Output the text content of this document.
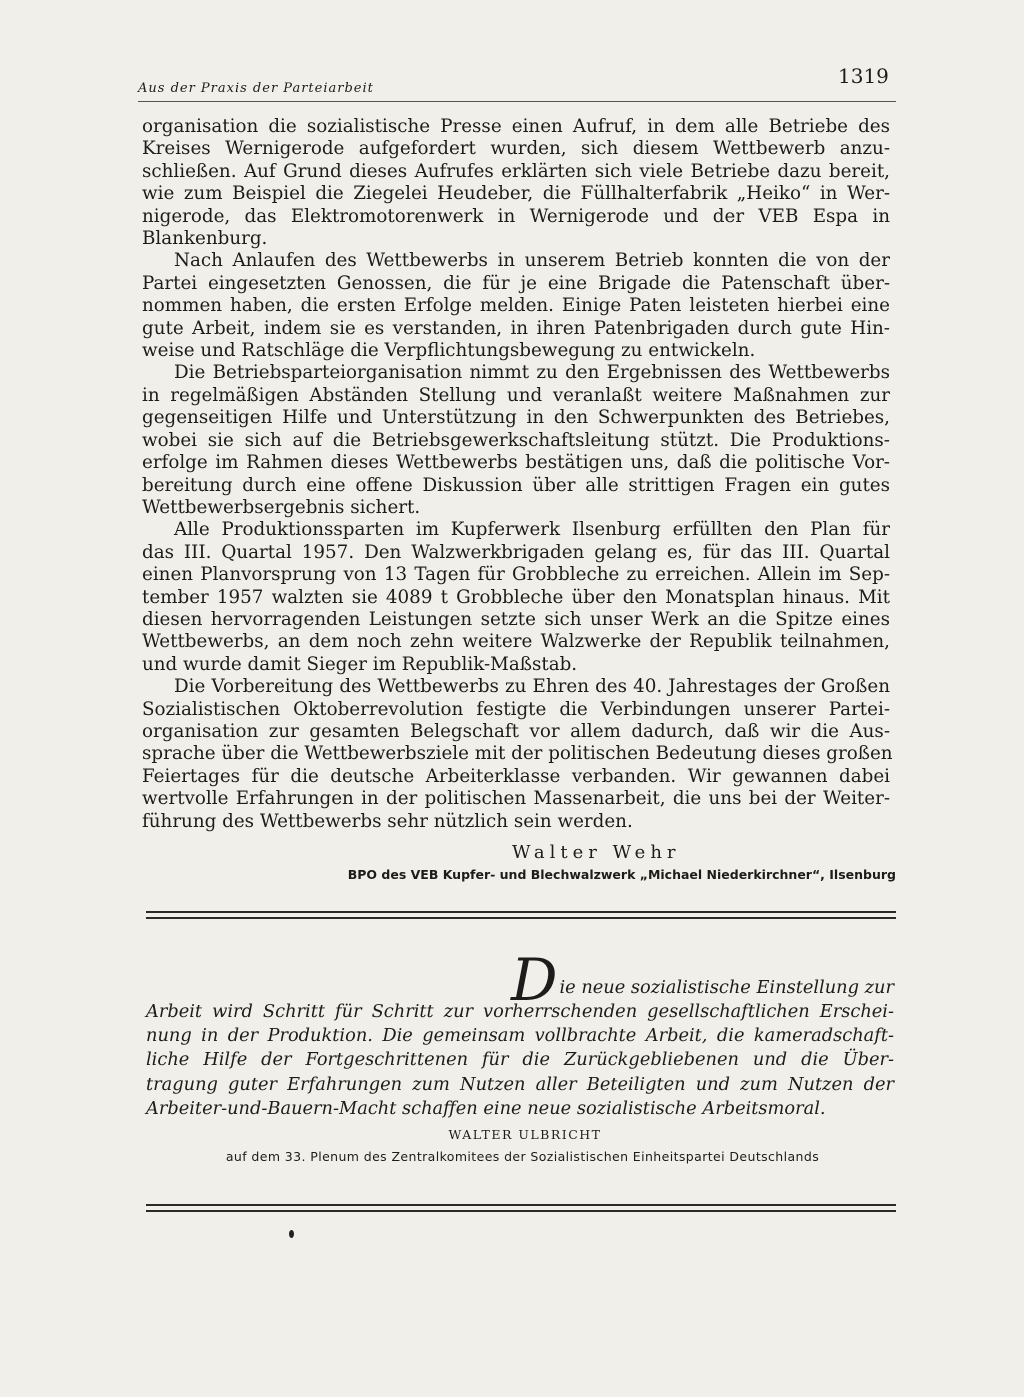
Aus der Praxis der Parteiarbeit
1319
organisation die sozialistische Presse einen Aufruf, in dem alle Betriebe des
Kreises Wernigerode aufgefordert wurden, sich diesem Wettbewerb anzu-
schließen. Auf Grund dieses Aufrufes erklärten sich viele Betriebe dazu bereit,
wie zum Beispiel die Ziegelei Heudeber, die Füllhalterfabrik „Heiko“ in Wer-
nigerode, das Elektromotorenwerk in Wernigerode und der VEB Espa in
Blankenburg.
Nach Anlaufen des Wettbewerbs in unserem Betrieb konnten die von der
Partei eingesetzten Genossen, die für je eine Brigade die Patenschaft über-
nommen haben, die ersten Erfolge melden. Einige Paten leisteten hierbei eine
gute Arbeit, indem sie es verstanden, in ihren Patenbrigaden durch gute Hin-
weise und Ratschläge die Verpflichtungsbewegung zu entwickeln.
Die Betriebsparteiorganisation nimmt zu den Ergebnissen des Wettbewerbs
in regelmäßigen Abständen Stellung und veranlaßt weitere Maßnahmen zur
gegenseitigen Hilfe und Unterstützung in den Schwerpunkten des Betriebes,
wobei sie sich auf die Betriebsgewerkschaftsleitung stützt. Die Produktions-
erfolge im Rahmen dieses Wettbewerbs bestätigen uns, daß die politische Vor-
bereitung durch eine offene Diskussion über alle strittigen Fragen ein gutes
Wettbewerbsergebnis sichert.
Alle Produktionssparten im Kupferwerk Ilsenburg erfüllten den Plan für
das III. Quartal 1957. Den Walzwerkbrigaden gelang es, für das III. Quartal
einen Planvorsprung von 13 Tagen für Grobbleche zu erreichen. Allein im Sep-
tember 1957 walzten sie 4089 t Grobbleche über den Monatsplan hinaus. Mit
diesen hervorragenden Leistungen setzte sich unser Werk an die Spitze eines
Wettbewerbs, an dem noch zehn weitere Walzwerke der Republik teilnahmen,
und wurde damit Sieger im Republik-Maßstab.
Die Vorbereitung des Wettbewerbs zu Ehren des 40. Jahrestages der Großen
Sozialistischen Oktoberrevolution festigte die Verbindungen unserer Partei-
organisation zur gesamten Belegschaft vor allem dadurch, daß wir die Aus-
sprache über die Wettbewerbsziele mit der politischen Bedeutung dieses großen
Feiertages für die deutsche Arbeiterklasse verbanden. Wir gewannen dabei
wertvolle Erfahrungen in der politischen Massenarbeit, die uns bei der Weiter-
führung des Wettbewerbs sehr nützlich sein werden.
Walter Wehr
BPO des VEB Kupfer- und Blechwalzwerk „Michael Niederkirchner“, Ilsenburg
D ie neue sozialistische Einstellung zur
Arbeit wird Schritt für Schritt zur vorherrschenden gesellschaftlichen Erschei-
nung in der Produktion. Die gemeinsam vollbrachte Arbeit, die kameradschaft-
liche Hilfe der Fortgeschrittenen für die Zurückgebliebenen und die Über-
tragung guter Erfahrungen zum Nutzen aller Beteiligten und zum Nutzen der
Arbeiter-und-Bauern-Macht schaffen eine neue sozialistische Arbeitsmoral.
WALTER ULBRICHT
auf dem 33. Plenum des Zentralkomitees der Sozialistischen Einheitspartei Deutschlands
